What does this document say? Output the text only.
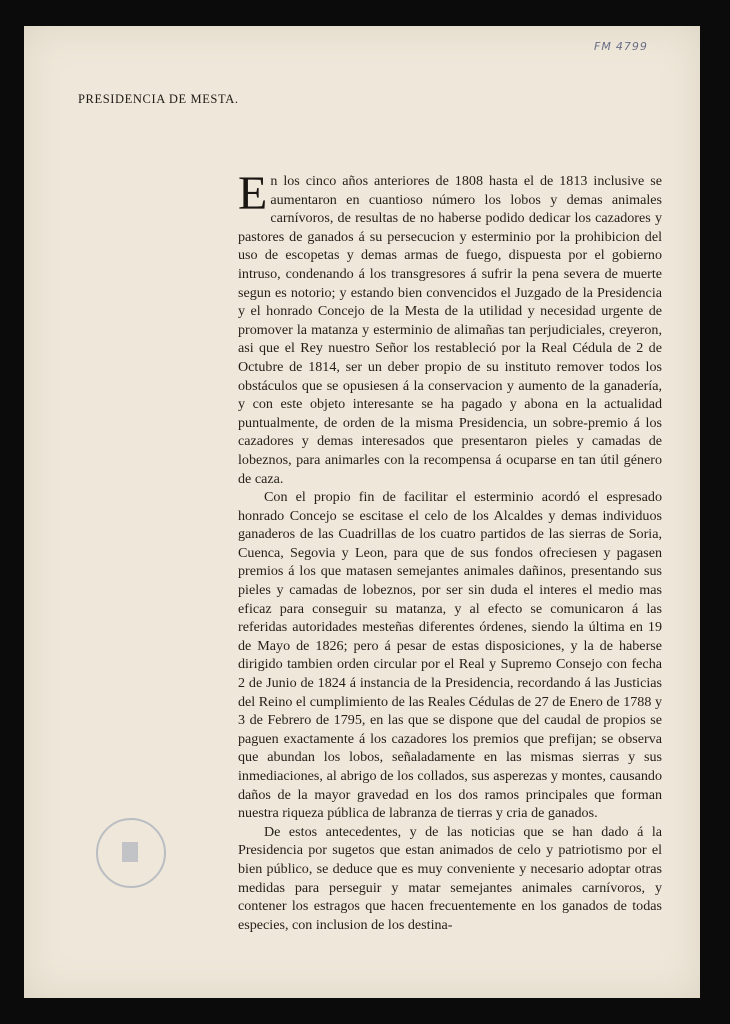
$^{FM}$ $^{4799}$
PRESIDENCIA DE MESTA.

En los cinco años anteriores de 1808 hasta el de 1813 inclusive se aumentaron en cuantioso número los lobos y demas animales carnívoros, de resultas de no haberse podido dedicar los cazadores y pastores de ganados á su persecucion y esterminio por la prohibicion del uso de escopetas y demas armas de fuego, dispuesta por el gobierno intruso, condenando á los transgresores á sufrir la pena severa de muerte segun es notorio; y estando bien convencidos el Juzgado de la Presidencia y el honrado Concejo de la Mesta de la utilidad y necesidad urgente de promover la matanza y esterminio de alimañas tan perjudiciales, creyeron, asi que el Rey nuestro Señor los restableció por la Real Cédula de 2 de Octubre de 1814, ser un deber propio de su instituto remover todos los obstáculos que se opusiesen á la conservacion y aumento de la ganadería, y con este objeto interesante se ha pagado y abona en la actualidad puntualmente, de orden de la misma Presidencia, un sobre-premio á los cazadores y demas interesados que presentaron pieles y camadas de lobeznos, para animarles con la recompensa á ocuparse en tan útil género de caza.

Con el propio fin de facilitar el esterminio acordó el espresado honrado Concejo se escitase el celo de los Alcaldes y demas individuos ganaderos de las Cuadrillas de los cuatro partidos de las sierras de Soria, Cuenca, Segovia y Leon, para que de sus fondos ofreciesen y pagasen premios á los que matasen semejantes animales dañinos, presentando sus pieles y camadas de lobeznos, por ser sin duda el interes el medio mas eficaz para conseguir su matanza, y al efecto se comunicaron á las referidas autoridades mesteñas diferentes órdenes, siendo la última en 19 de Mayo de 1826; pero á pesar de estas disposiciones, y la de haberse dirigido tambien orden circular por el Real y Supremo Consejo con fecha 2 de Junio de 1824 á instancia de la Presidencia, recordando á las Justicias del Reino el cumplimiento de las Reales Cédulas de 27 de Enero de 1788 y 3 de Febrero de 1795, en las que se dispone que del caudal de propios se paguen exactamente á los cazadores los premios que prefijan; se observa que abundan los lobos, señaladamente en las mismas sierras y sus inmediaciones, al abrigo de los collados, sus asperezas y montes, causando daños de la mayor gravedad en los dos ramos principales que forman nuestra riqueza pública de labranza de tierras y cria de ganados.

De estos antecedentes, y de las noticias que se han dado á la Presidencia por sugetos que estan animados de celo y patriotismo por el bien público, se deduce que es muy conveniente y necesario adoptar otras medidas para perseguir y matar semejantes animales carnívoros, y contener los estragos que hacen frecuentemente en los ganados de todas especies, con inclusion de los destina-
